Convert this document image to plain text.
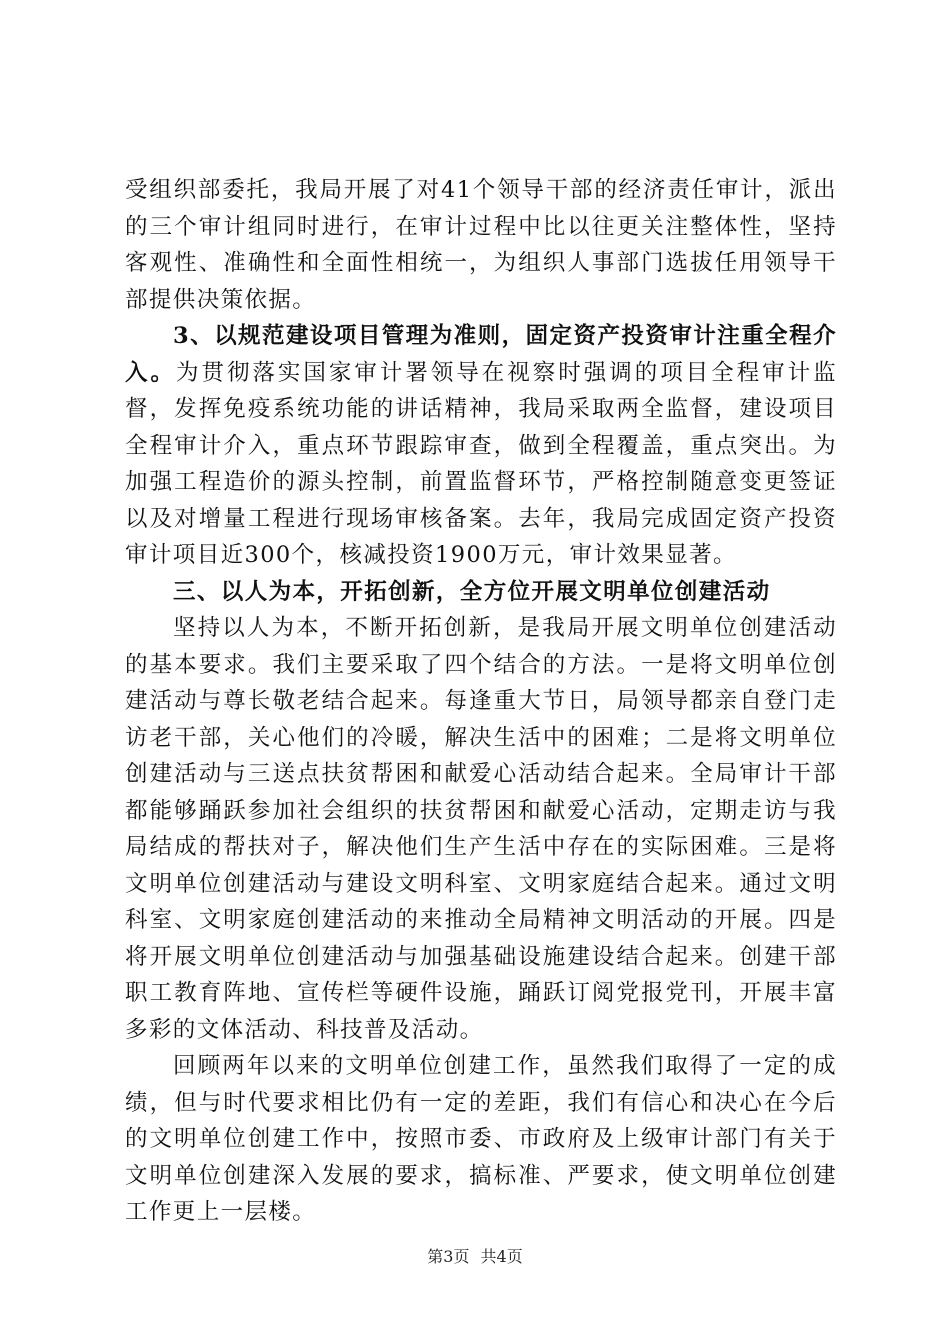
受组织部委托，我局开展了对41个领导干部的经济责任审计，派出的三个审计组同时进行，在审计过程中比以往更关注整体性，坚持客观性、准确性和全面性相统一，为组织人事部门选拔任用领导干部提供决策依据。

3、以规范建设项目管理为准则，固定资产投资审计注重全程介入。为贯彻落实国家审计署领导在视察时强调的项目全程审计监督，发挥免疫系统功能的讲话精神，我局采取两全监督，建设项目全程审计介入，重点环节跟踪审查，做到全程覆盖，重点突出。为加强工程造价的源头控制，前置监督环节，严格控制随意变更签证以及对增量工程进行现场审核备案。去年，我局完成固定资产投资审计项目近300个，核减投资1900万元，审计效果显著。

三、以人为本，开拓创新，全方位开展文明单位创建活动

坚持以人为本，不断开拓创新，是我局开展文明单位创建活动的基本要求。我们主要采取了四个结合的方法。一是将文明单位创建活动与尊长敬老结合起来。每逢重大节日，局领导都亲自登门走访老干部，关心他们的冷暖，解决生活中的困难；二是将文明单位创建活动与三送点扶贫帮困和献爱心活动结合起来。全局审计干部都能够踊跃参加社会组织的扶贫帮困和献爱心活动，定期走访与我局结成的帮扶对子，解决他们生产生活中存在的实际困难。三是将文明单位创建活动与建设文明科室、文明家庭结合起来。通过文明科室、文明家庭创建活动的来推动全局精神文明活动的开展。四是将开展文明单位创建活动与加强基础设施建设结合起来。创建干部职工教育阵地、宣传栏等硬件设施，踊跃订阅党报党刊，开展丰富多彩的文体活动、科技普及活动。

回顾两年以来的文明单位创建工作，虽然我们取得了一定的成绩，但与时代要求相比仍有一定的差距，我们有信心和决心在今后的文明单位创建工作中，按照市委、市政府及上级审计部门有关于文明单位创建深入发展的要求，搞标准、严要求，使文明单位创建工作更上一层楼。

第3页 共4页
